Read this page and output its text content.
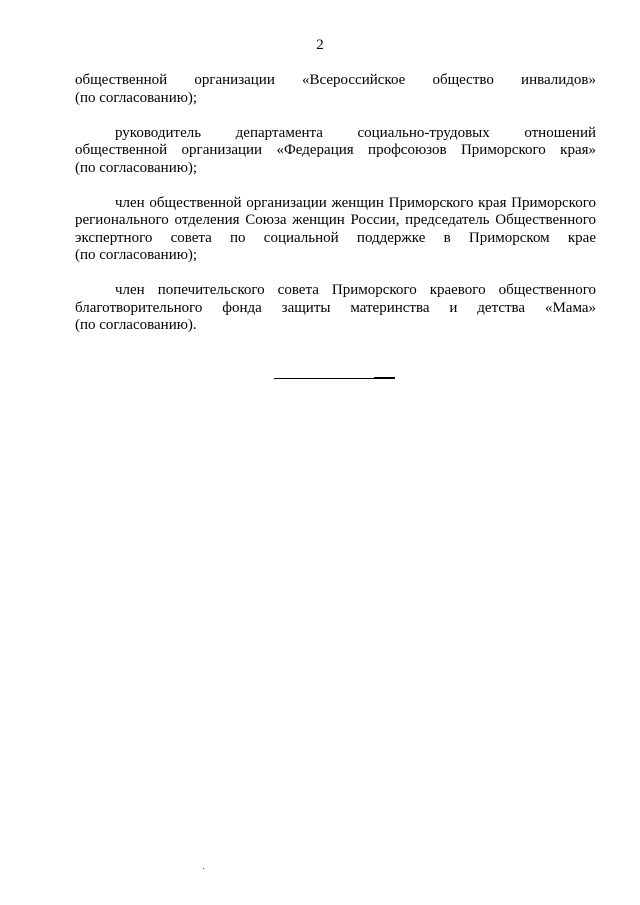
2
общественной организации «Всероссийское общество инвалидов»
(по согласованию);
руководитель департамента социально-трудовых отношений
общественной организации «Федерация профсоюзов Приморского края»
(по согласованию);
член общественной организации женщин Приморского края Приморского
регионального отделения Союза женщин России, председатель Общественного
экспертного совета по социальной поддержке в Приморском крае
(по согласованию);
член попечительского совета Приморского краевого общественного
благотворительного фонда защиты материнства и детства «Мама»
(по согласованию).
